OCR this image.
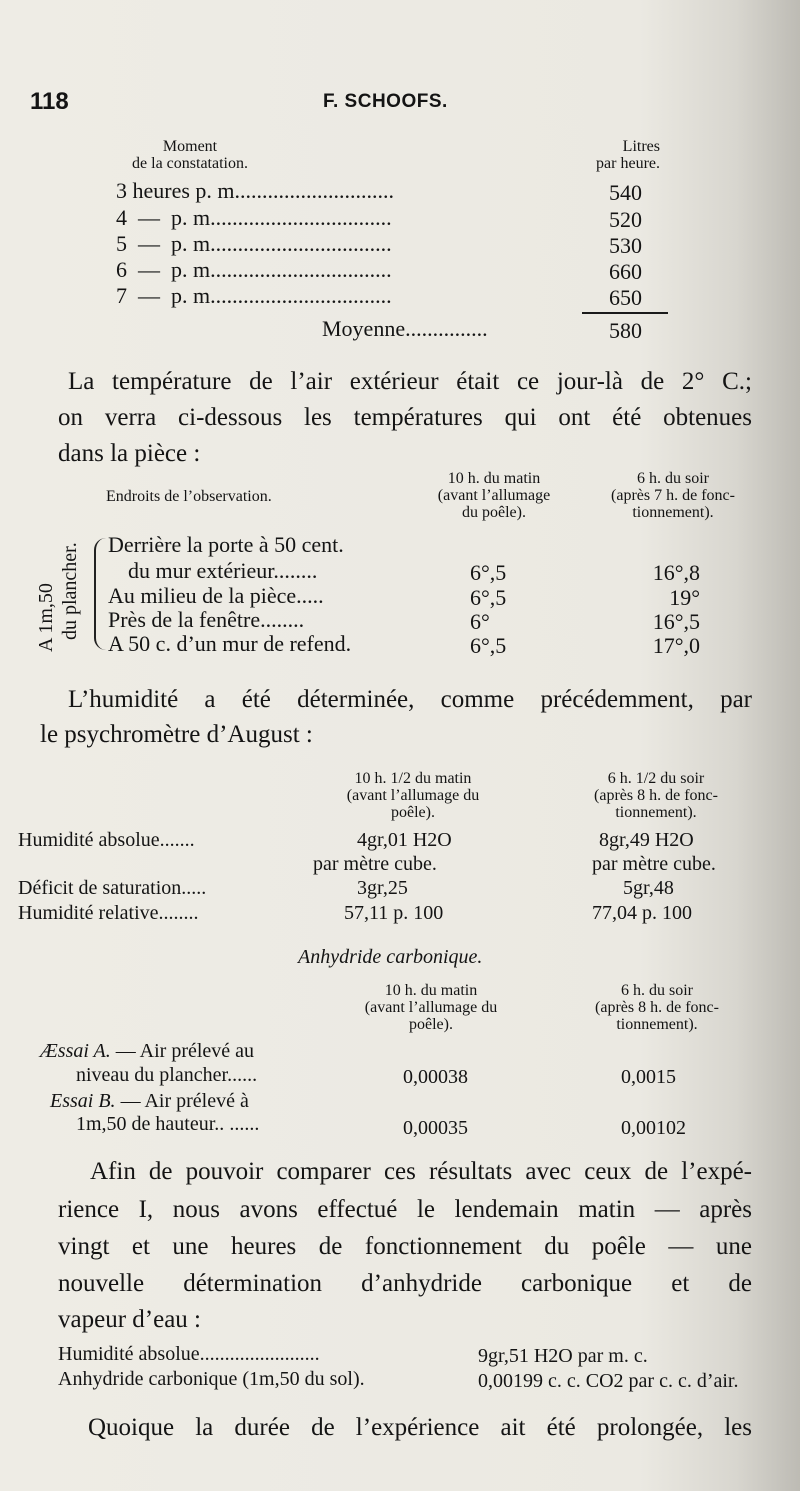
118	F. SCHOOFS.
Moment
de la constatation.
Litres
par heure.
3 heures p. m.............................	540
4 — p. m.................................	520
5 — p. m.................................	530
6 — p. m.................................	660
7 — p. m.................................	650
Moyenne...............	580
La température de l’air extérieur était ce jour-là de 2° C.;
on verra ci-dessous les températures qui ont été obtenues
dans la pièce :
Endroits de l’observation.
10 h. du matin
(avant l’allumage
du poêle).
6 h. du soir
(après 7 h. de fonc-
tionnement).
A 1m,50 du plancher. Derrière la porte à 50 cent.
du mur extérieur........	6°,5	16°,8
Au milieu de la pièce.....	6°,5	19°
Près de la fenêtre........	6°	16°,5
A 50 c. d’un mur de refend.	6°,5	17°,0
L’humidité a été déterminée, comme précédemment, par
le psychromètre d’August :
10 h. 1/2 du matin
(avant l’allumage du
poêle).
6 h. 1/2 du soir
(après 8 h. de fonc-
tionnement).
Humidité absolue.......	4gr,01 H2O	8gr,49 H2O
par mètre cube.	par mètre cube.
Déficit de saturation.....	3gr,25	5gr,48
Humidité relative........	57,11 p. 100	77,04 p. 100
Anhydride carbonique.
10 h. du matin
(avant l’allumage du
poêle).
6 h. du soir
(après 8 h. de fonc-
tionnement).
Æssai A. — Air prélevé au
niveau du plancher......	0,00038	0,0015
Essai B. — Air prélevé à
1m,50 de hauteur.. ......	0,00035	0,00102
Afin de pouvoir comparer ces résultats avec ceux de l’expé-
rience I, nous avons effectué le lendemain matin — après
vingt et une heures de fonctionnement du poêle — une
nouvelle détermination d’anhydride carbonique et de
vapeur d’eau :
Humidité absolue........................	9gr,51 H2O par m. c.
Anhydride carbonique (1m,50 du sol).	0,00199 c. c. CO2 par c. c. d’air.
Quoique la durée de l’expérience ait été prolongée, les
